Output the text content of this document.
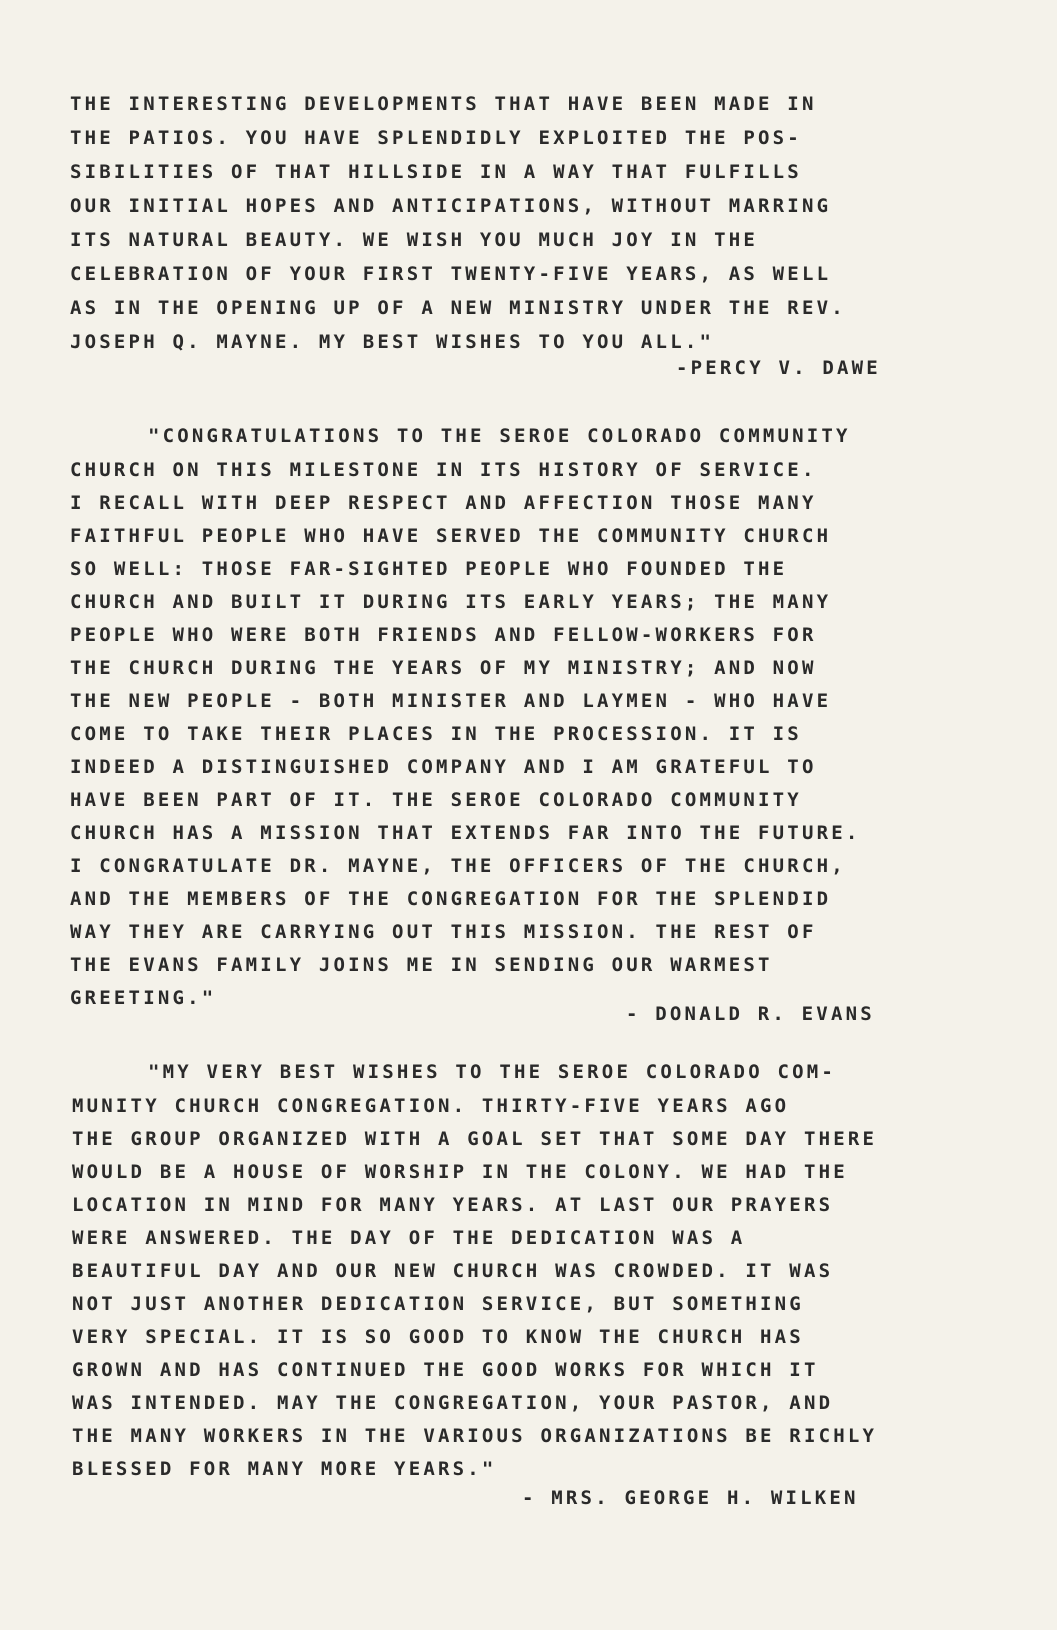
THE INTERESTING DEVELOPMENTS THAT HAVE BEEN MADE IN
THE PATIOS. YOU HAVE SPLENDIDLY EXPLOITED THE POS-
SIBILITIES OF THAT HILLSIDE IN A WAY THAT FULFILLS
OUR INITIAL HOPES AND ANTICIPATIONS, WITHOUT MARRING
ITS NATURAL BEAUTY. WE WISH YOU MUCH JOY IN THE
CELEBRATION OF YOUR FIRST TWENTY-FIVE YEARS, AS WELL
AS IN THE OPENING UP OF A NEW MINISTRY UNDER THE REV.
JOSEPH Q. MAYNE. MY BEST WISHES TO YOU ALL."
-PERCY V. DAWE
"CONGRATULATIONS TO THE SEROE COLORADO COMMUNITY
CHURCH ON THIS MILESTONE IN ITS HISTORY OF SERVICE.
I RECALL WITH DEEP RESPECT AND AFFECTION THOSE MANY
FAITHFUL PEOPLE WHO HAVE SERVED THE COMMUNITY CHURCH
SO WELL: THOSE FAR-SIGHTED PEOPLE WHO FOUNDED THE
CHURCH AND BUILT IT DURING ITS EARLY YEARS; THE MANY
PEOPLE WHO WERE BOTH FRIENDS AND FELLOW-WORKERS FOR
THE CHURCH DURING THE YEARS OF MY MINISTRY; AND NOW
THE NEW PEOPLE - BOTH MINISTER AND LAYMEN - WHO HAVE
COME TO TAKE THEIR PLACES IN THE PROCESSION. IT IS
INDEED A DISTINGUISHED COMPANY AND I AM GRATEFUL TO
HAVE BEEN PART OF IT. THE SEROE COLORADO COMMUNITY
CHURCH HAS A MISSION THAT EXTENDS FAR INTO THE FUTURE.
I CONGRATULATE DR. MAYNE, THE OFFICERS OF THE CHURCH,
AND THE MEMBERS OF THE CONGREGATION FOR THE SPLENDID
WAY THEY ARE CARRYING OUT THIS MISSION. THE REST OF
THE EVANS FAMILY JOINS ME IN SENDING OUR WARMEST
GREETING."
- DONALD R. EVANS
"MY VERY BEST WISHES TO THE SEROE COLORADO COM-
MUNITY CHURCH CONGREGATION. THIRTY-FIVE YEARS AGO
THE GROUP ORGANIZED WITH A GOAL SET THAT SOME DAY THERE
WOULD BE A HOUSE OF WORSHIP IN THE COLONY. WE HAD THE
LOCATION IN MIND FOR MANY YEARS. AT LAST OUR PRAYERS
WERE ANSWERED. THE DAY OF THE DEDICATION WAS A
BEAUTIFUL DAY AND OUR NEW CHURCH WAS CROWDED. IT WAS
NOT JUST ANOTHER DEDICATION SERVICE, BUT SOMETHING
VERY SPECIAL. IT IS SO GOOD TO KNOW THE CHURCH HAS
GROWN AND HAS CONTINUED THE GOOD WORKS FOR WHICH IT
WAS INTENDED. MAY THE CONGREGATION, YOUR PASTOR, AND
THE MANY WORKERS IN THE VARIOUS ORGANIZATIONS BE RICHLY
BLESSED FOR MANY MORE YEARS."
- MRS. GEORGE H. WILKEN
